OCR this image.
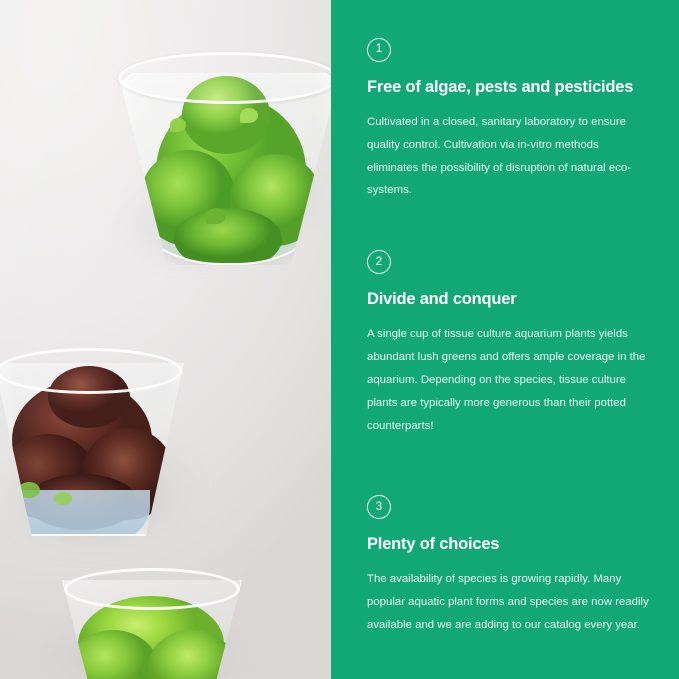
1
Free of algae, pests and pesticides

Cultivated in a closed, sanitary laboratory to ensure quality control. Cultivation via in-vitro methods eliminates the possibility of disruption of natural eco-systems.

2
Divide and conquer

A single cup of tissue culture aquarium plants yields abundant lush greens and offers ample coverage in the aquarium. Depending on the species, tissue culture plants are typically more generous than their potted counterparts!

3
Plenty of choices

The availability of species is growing rapidly. Many popular aquatic plant forms and species are now readily available and we are adding to our catalog every year.
